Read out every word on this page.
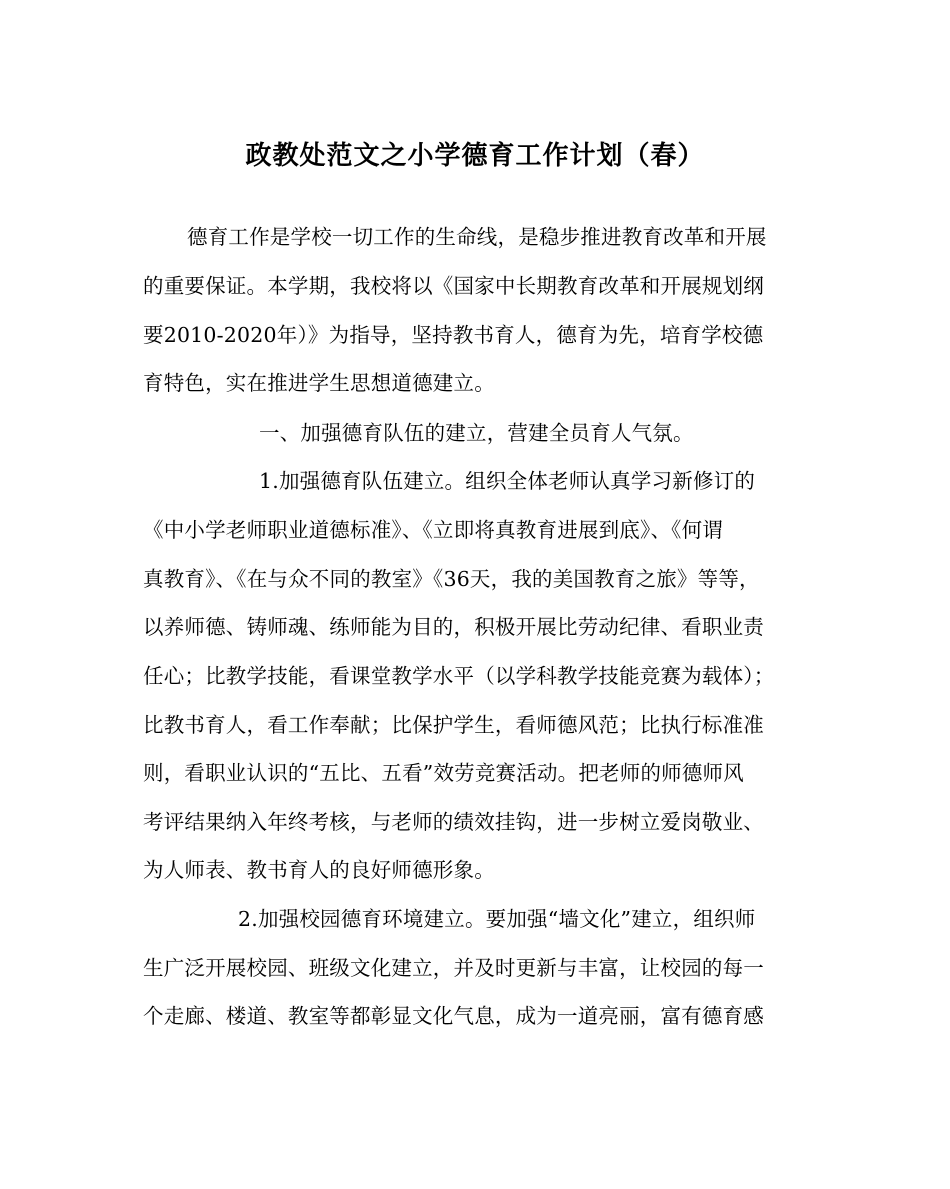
政教处范文之小学德育工作计划（春）
德育工作是学校一切工作的生命线，是稳步推进教育改革和开展
的重要保证。本学期，我校将以《国家中长期教育改革和开展规划纲
要2010-2020年）》为指导，坚持教书育人，德育为先，培育学校德
育特色，实在推进学生思想道德建立。
一、加强德育队伍的建立，营建全员育人气氛。
1.加强德育队伍建立。组织全体老师认真学习新修订的
《中小学老师职业道德标准》、《立即将真教育进展到底》、《何谓
真教育》、《在与众不同的教室》《36天，我的美国教育之旅》等等，
以养师德、铸师魂、练师能为目的，积极开展比劳动纪律、看职业责
任心；比教学技能，看课堂教学水平（以学科教学技能竞赛为载体）；
比教书育人，看工作奉献；比保护学生，看师德风范；比执行标准准
则，看职业认识的“五比、五看”效劳竞赛活动。把老师的师德师风
考评结果纳入年终考核，与老师的绩效挂钩，进一步树立爱岗敬业、
为人师表、教书育人的良好师德形象。
2.加强校园德育环境建立。要加强“墙文化”建立，组织师
生广泛开展校园、班级文化建立，并及时更新与丰富，让校园的每一
个走廊、楼道、教室等都彰显文化气息，成为一道亮丽，富有德育感
